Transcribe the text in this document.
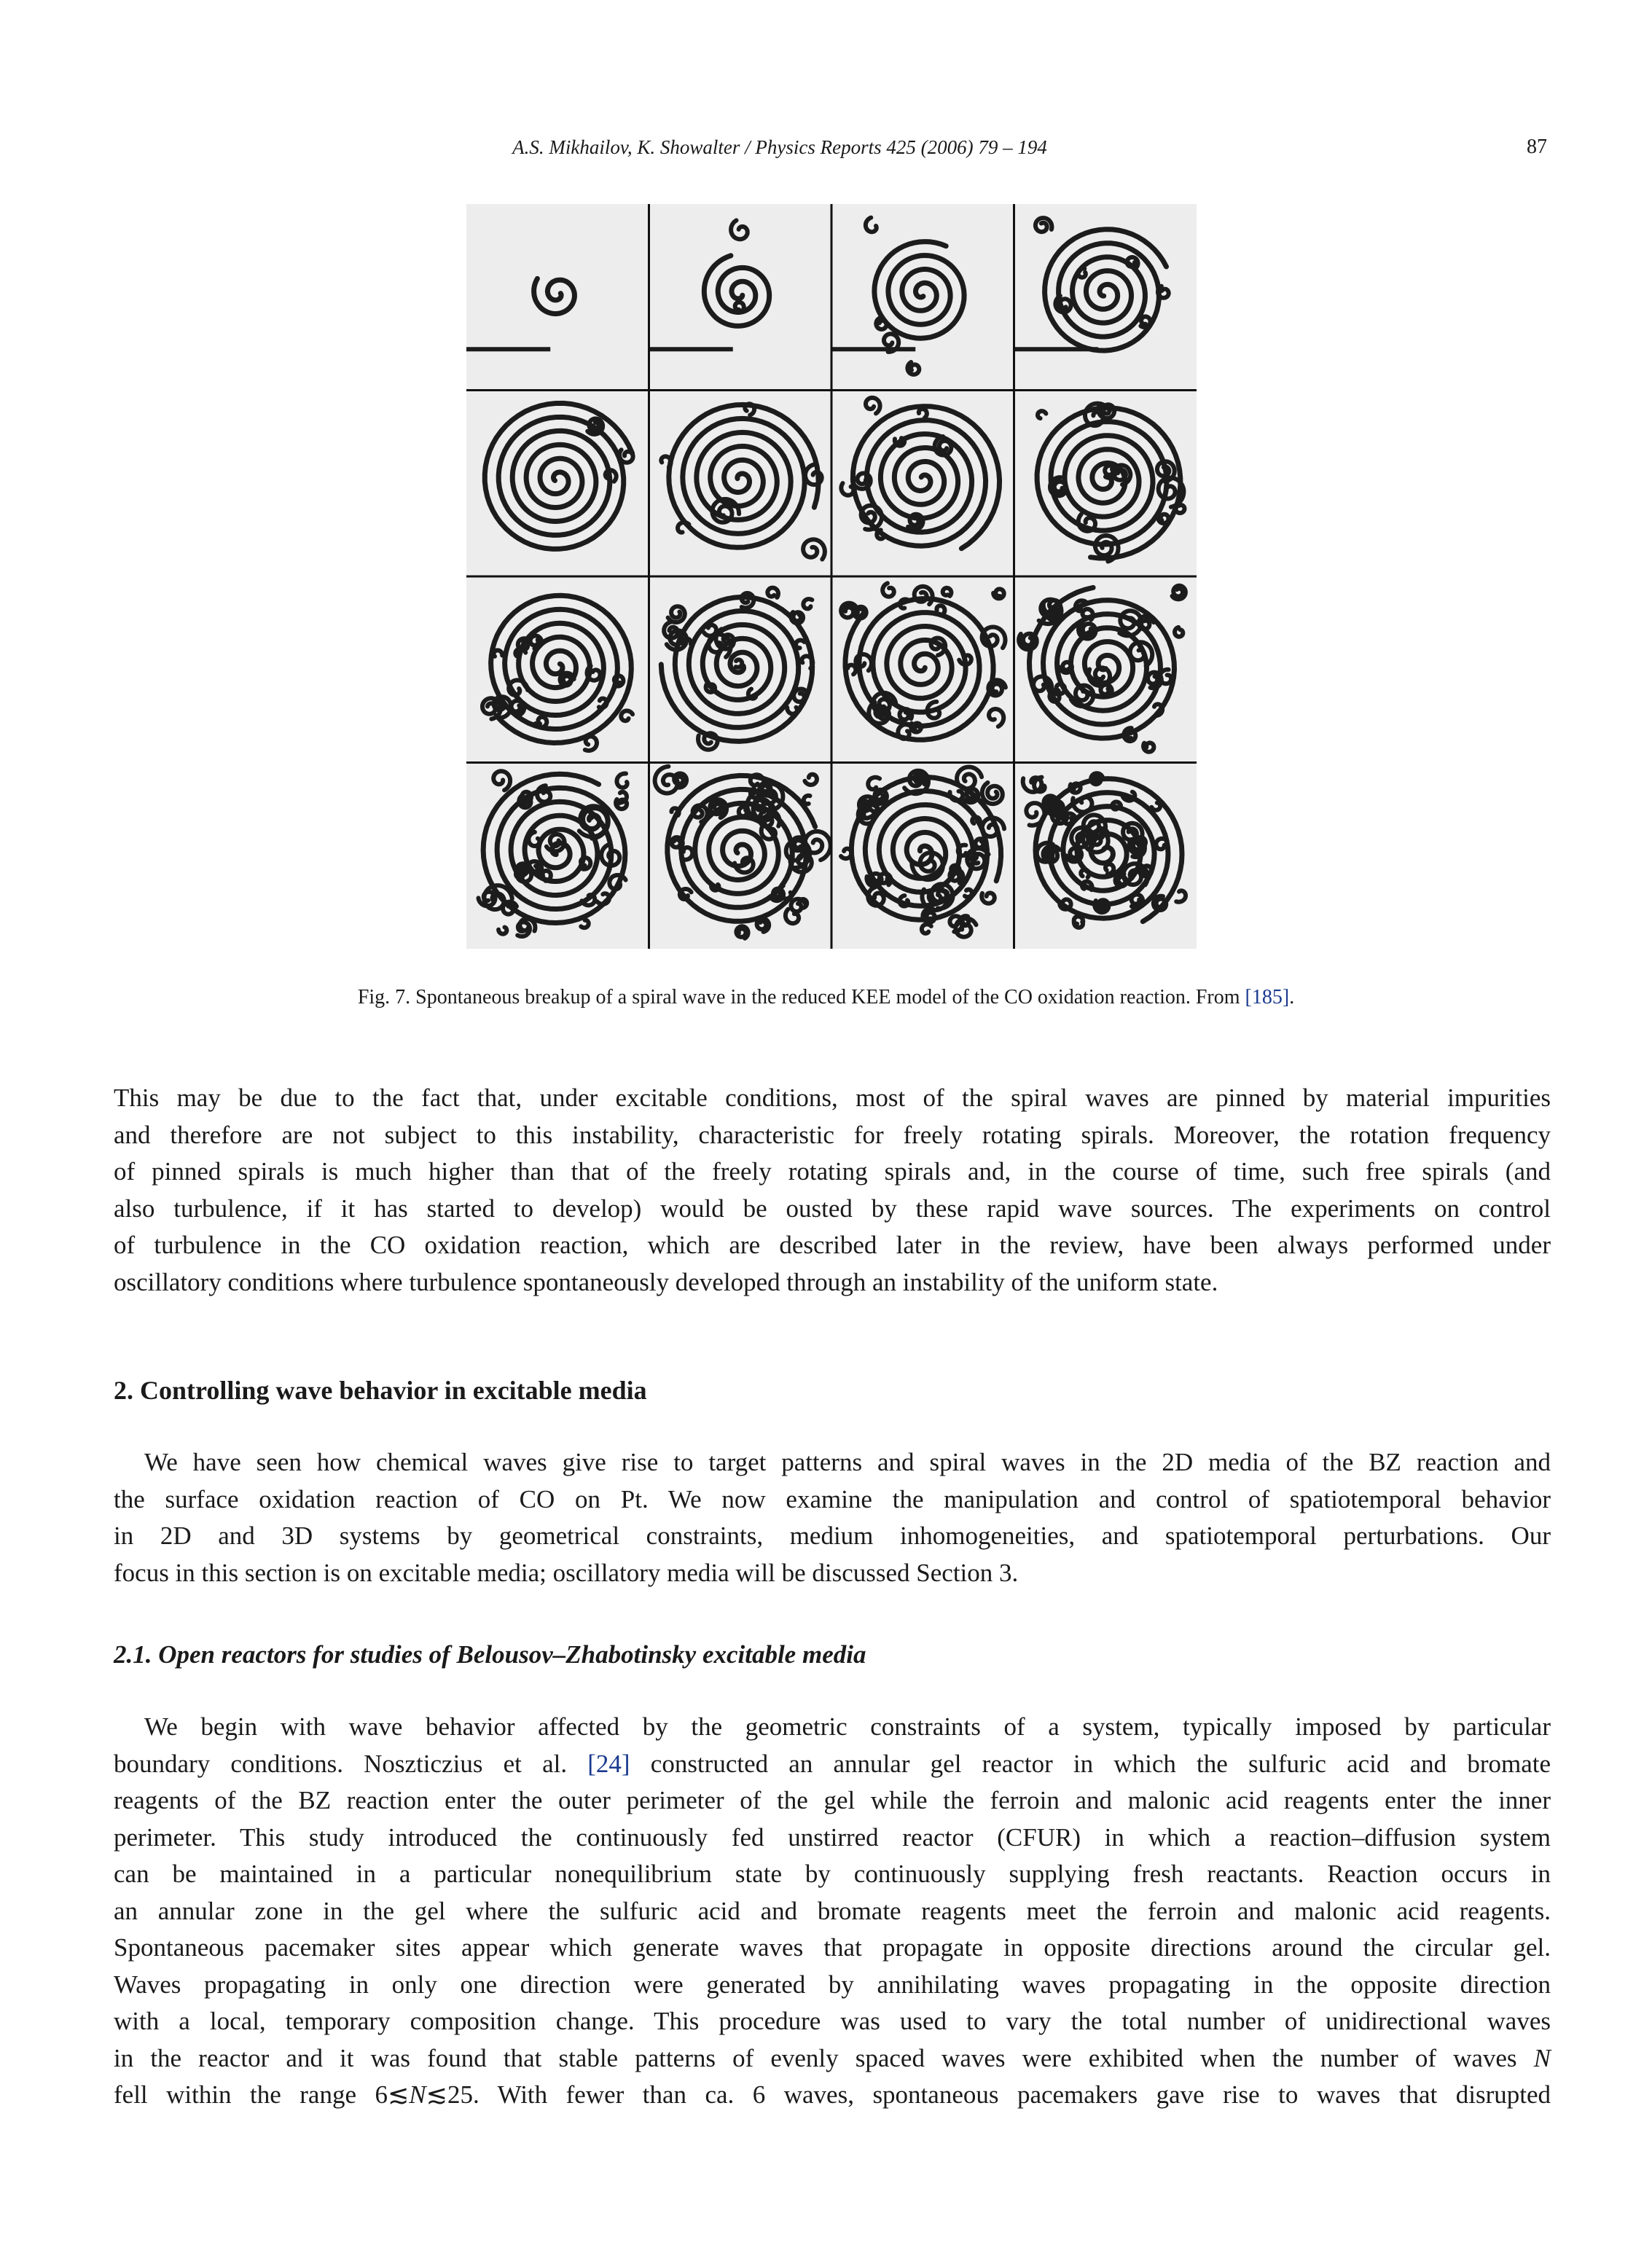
A.S. Mikhailov, K. Showalter / Physics Reports 425 (2006) 79 – 194	87
Fig. 7. Spontaneous breakup of a spiral wave in the reduced KEE model of the CO oxidation reaction. From [185].

This may be due to the fact that, under excitable conditions, most of the spiral waves are pinned by material impurities
and therefore are not subject to this instability, characteristic for freely rotating spirals. Moreover, the rotation frequency
of pinned spirals is much higher than that of the freely rotating spirals and, in the course of time, such free spirals (and
also turbulence, if it has started to develop) would be ousted by these rapid wave sources. The experiments on control
of turbulence in the CO oxidation reaction, which are described later in the review, have been always performed under
oscillatory conditions where turbulence spontaneously developed through an instability of the uniform state.

2. Controlling wave behavior in excitable media

We have seen how chemical waves give rise to target patterns and spiral waves in the 2D media of the BZ reaction and
the surface oxidation reaction of CO on Pt. We now examine the manipulation and control of spatiotemporal behavior
in 2D and 3D systems by geometrical constraints, medium inhomogeneities, and spatiotemporal perturbations. Our
focus in this section is on excitable media; oscillatory media will be discussed Section 3.

2.1. Open reactors for studies of Belousov–Zhabotinsky excitable media

We begin with wave behavior affected by the geometric constraints of a system, typically imposed by particular
boundary conditions. Noszticzius et al. [24] constructed an annular gel reactor in which the sulfuric acid and bromate
reagents of the BZ reaction enter the outer perimeter of the gel while the ferroin and malonic acid reagents enter the inner
perimeter. This study introduced the continuously fed unstirred reactor (CFUR) in which a reaction–diffusion system
can be maintained in a particular nonequilibrium state by continuously supplying fresh reactants. Reaction occurs in
an annular zone in the gel where the sulfuric acid and bromate reagents meet the ferroin and malonic acid reagents.
Spontaneous pacemaker sites appear which generate waves that propagate in opposite directions around the circular gel.
Waves propagating in only one direction were generated by annihilating waves propagating in the opposite direction
with a local, temporary composition change. This procedure was used to vary the total number of unidirectional waves
in the reactor and it was found that stable patterns of evenly spaced waves were exhibited when the number of waves N
fell within the range 6≲N≲25. With fewer than ca. 6 waves, spontaneous pacemakers gave rise to waves that disrupted
